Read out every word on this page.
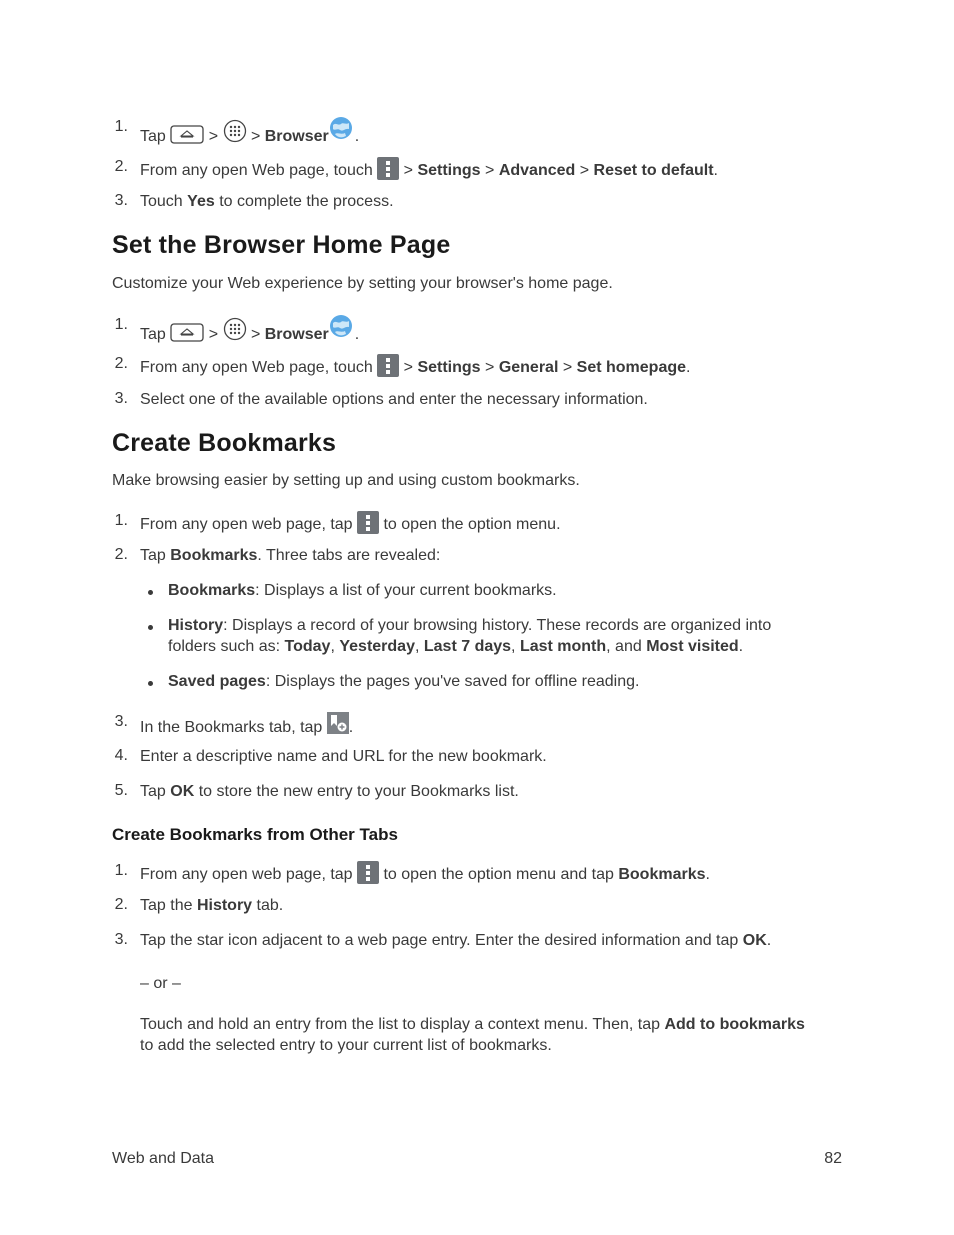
1.
Tap	> > Browser .
2. From any open Web page, touch > Settings > Advanced > Reset to default.
3. Touch Yes to complete the process.
Set the Browser Home Page
Customize your Web experience by setting your browser's home page.
1.
Tap	> > Browser .
2. From any open Web page, touch > Settings > General > Set homepage.
3. Select one of the available options and enter the necessary information.
Create Bookmarks
Make browsing easier by setting up and using custom bookmarks.
1. From any open web page, tap to open the option menu.
2. Tap Bookmarks. Three tabs are revealed:
Bookmarks: Displays a list of your current bookmarks.
History: Displays a record of your browsing history. These records are organized into
folders such as: Today, Yesterday, Last 7 days, Last month, and Most visited.
Saved pages: Displays the pages you've saved for offline reading.
3. In the Bookmarks tab, tap .
4. Enter a descriptive name and URL for the new bookmark.
5. Tap OK to store the new entry to your Bookmarks list.
Create Bookmarks from Other Tabs
1. From any open web page, tap to open the option menu and tap Bookmarks.
2. Tap the History tab.
3. Tap the star icon adjacent to a web page entry. Enter the desired information and tap OK.
– or –
Touch and hold an entry from the list to display a context menu. Then, tap Add to bookmarks
to add the selected entry to your current list of bookmarks.
Web and Data	82
